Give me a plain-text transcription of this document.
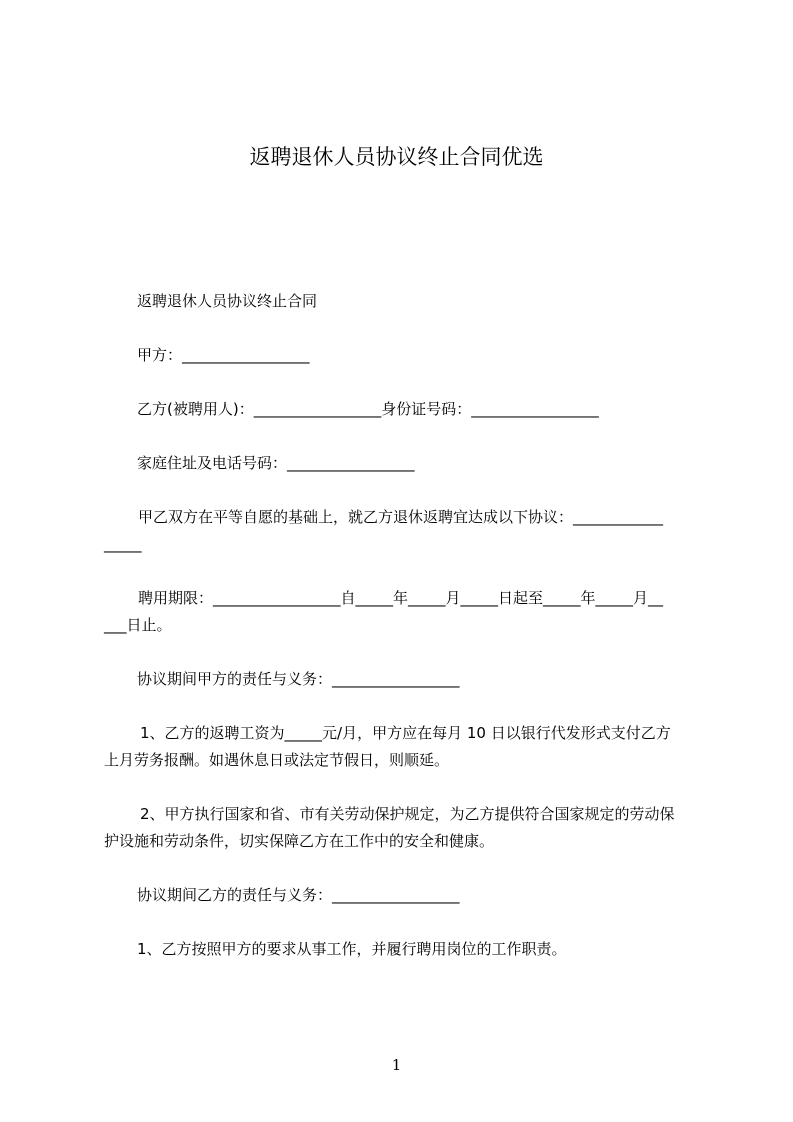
返聘退休人员协议终止合同优选
返聘退休人员协议终止合同
甲方：_________________
乙方(被聘用人)：_________________身份证号码：_________________
家庭住址及电话号码：_________________
甲乙双方在平等自愿的基础上，就乙方退休返聘宜达成以下协议：____________
_____
聘用期限：_________________自_____年_____月_____日起至_____年_____月__
___日止。
协议期间甲方的责任与义务：_________________
1、乙方的返聘工资为_____元/月，甲方应在每月 10 日以银行代发形式支付乙方
上月劳务报酬。如遇休息日或法定节假日，则顺延。
2、甲方执行国家和省、市有关劳动保护规定，为乙方提供符合国家规定的劳动保
护设施和劳动条件，切实保障乙方在工作中的安全和健康。
协议期间乙方的责任与义务：_________________
1、乙方按照甲方的要求从事工作，并履行聘用岗位的工作职责。
1
